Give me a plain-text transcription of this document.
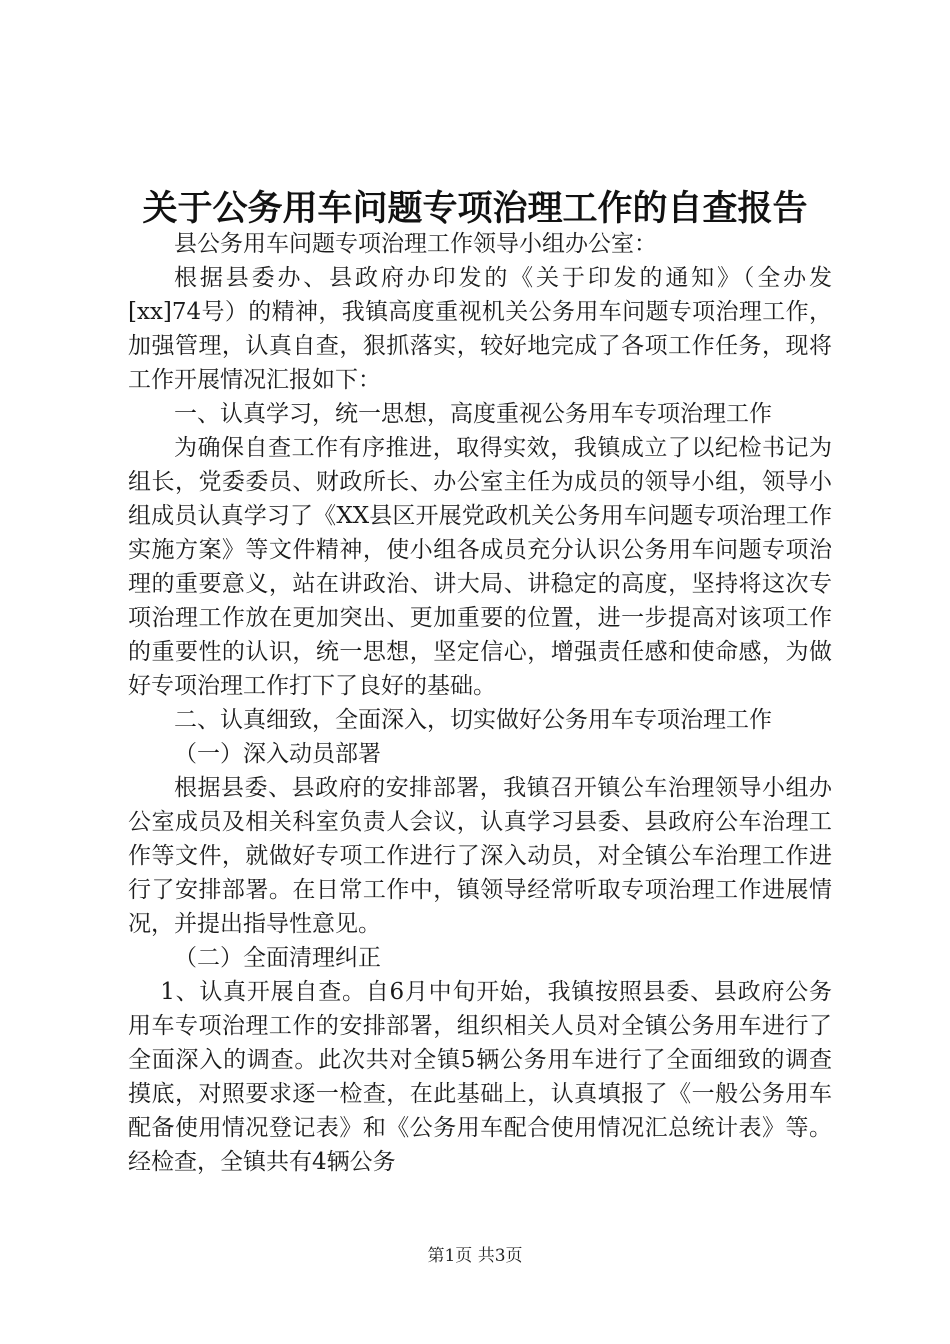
关于公务用车问题专项治理工作的自查报告

县公务用车问题专项治理工作领导小组办公室：

根据县委办、县政府办印发的《关于印发的通知》（全办发[xx]74号）的精神，我镇高度重视机关公务用车问题专项治理工作，加强管理，认真自查，狠抓落实，较好地完成了各项工作任务，现将工作开展情况汇报如下：

一、认真学习，统一思想，高度重视公务用车专项治理工作

为确保自查工作有序推进，取得实效，我镇成立了以纪检书记为组长，党委委员、财政所长、办公室主任为成员的领导小组，领导小组成员认真学习了《XX县区开展党政机关公务用车问题专项治理工作实施方案》等文件精神，使小组各成员充分认识公务用车问题专项治理的重要意义，站在讲政治、讲大局、讲稳定的高度，坚持将这次专项治理工作放在更加突出、更加重要的位置，进一步提高对该项工作的重要性的认识，统一思想，坚定信心，增强责任感和使命感，为做好专项治理工作打下了良好的基础。

二、认真细致，全面深入，切实做好公务用车专项治理工作

（一）深入动员部署

根据县委、县政府的安排部署，我镇召开镇公车治理领导小组办公室成员及相关科室负责人会议，认真学习县委、县政府公车治理工作等文件，就做好专项工作进行了深入动员，对全镇公车治理工作进行了安排部署。在日常工作中，镇领导经常听取专项治理工作进展情况，并提出指导性意见。

（二）全面清理纠正

1、认真开展自查。自6月中旬开始，我镇按照县委、县政府公务用车专项治理工作的安排部署，组织相关人员对全镇公务用车进行了全面深入的调查。此次共对全镇5辆公务用车进行了全面细致的调查摸底，对照要求逐一检查，在此基础上，认真填报了《一般公务用车配备使用情况登记表》和《公务用车配合使用情况汇总统计表》等。经检查，全镇共有4辆公务

第1页 共3页
